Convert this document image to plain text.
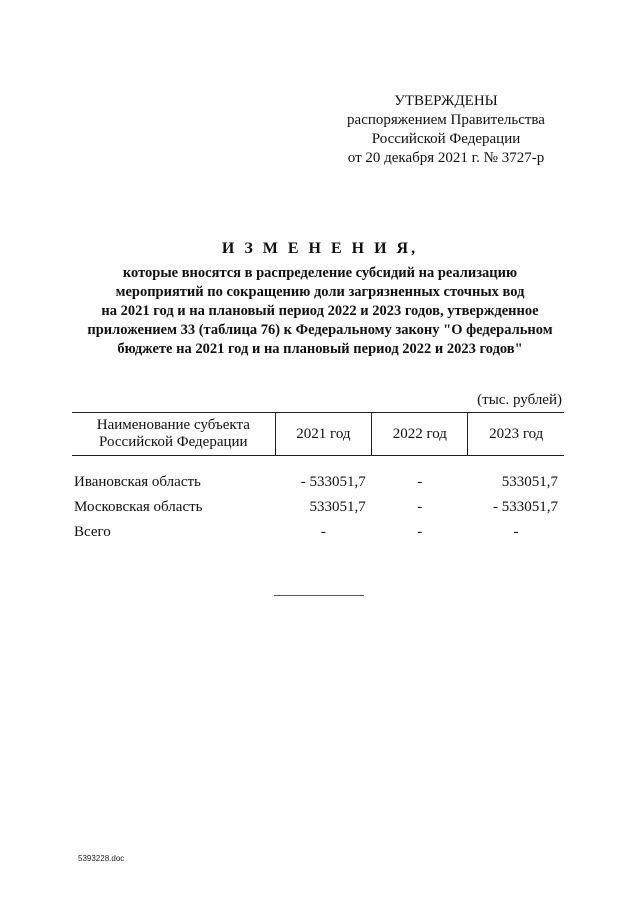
УТВЕРЖДЕНЫ
распоряжением Правительства
Российской Федерации
от 20 декабря 2021 г. № 3727-р
И З М Е Н Е Н И Я,
которые вносятся в распределение субсидий на реализацию
мероприятий по сокращению доли загрязненных сточных вод
на 2021 год и на плановый период 2022 и 2023 годов, утвержденное
приложением 33 (таблица 76) к Федеральному закону "О федеральном
бюджете на 2021 год и на плановый период 2022 и 2023 годов"
(тыс. рублей)
Наименование субъекта Российской Федерации	2021 год	2022 год	2023 год

Ивановская область	- 533051,7	-	533051,7
Московская область	533051,7	-	- 533051,7
Всего	-	-	-
5393228.doc
